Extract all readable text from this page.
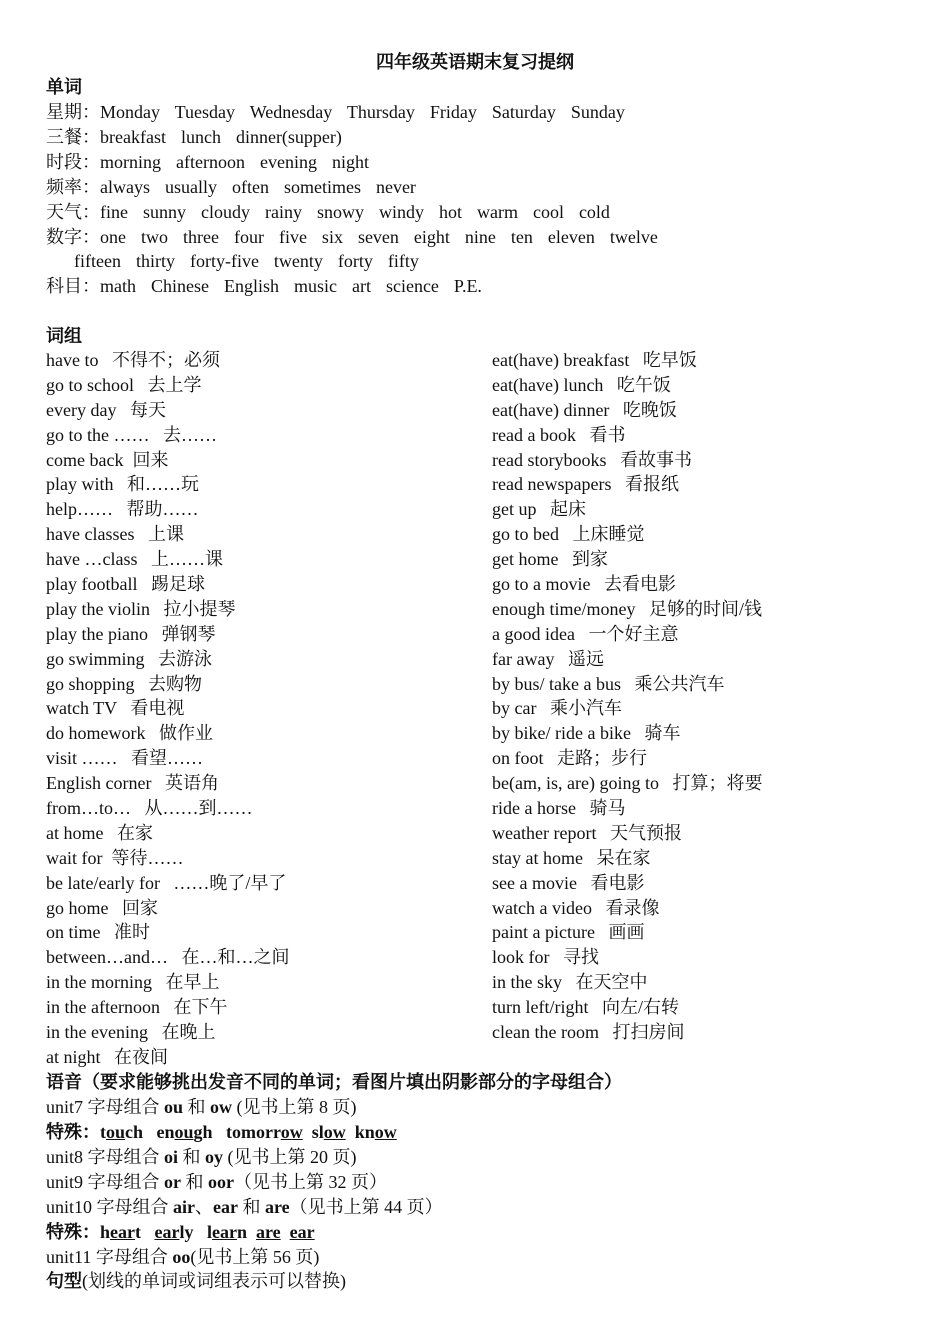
四年级英语期末复习提纲
单词
星期：Monday  Tuesday  Wednesday  Thursday  Friday  Saturday  Sunday
三餐：breakfast  lunch  dinner(supper)
时段：morning  afternoon  evening  night
频率：always  usually  often  sometimes  never
天气：fine  sunny  cloudy  rainy  snowy  windy  hot  warm  cool  cold
数字：one  two  three  four  five  six  seven  eight  nine  ten  eleven  twelve
fifteen  thirty  forty-five  twenty  forty  fifty
科目：math  Chinese  English  music  art  science  P.E.
词组
have to   不得不；必须
go to school   去上学
every day   每天
go to the ……   去……
come back  回来
play with   和……玩
help……   帮助……
have classes   上课
have …class   上……课
play football   踢足球
play the violin   拉小提琴
play the piano   弹钢琴
go swimming   去游泳
go shopping   去购物
watch TV   看电视
do homework   做作业
visit ……   看望……
English corner   英语角
from…to…   从……到……
at home   在家
wait for  等待……
be late/early for   ……晚了/早了
go home   回家
on time   准时
between…and…   在…和…之间
in the morning   在早上
in the afternoon   在下午
in the evening   在晚上
at night   在夜间
eat(have) breakfast   吃早饭
eat(have) lunch   吃午饭
eat(have) dinner   吃晚饭
read a book   看书
read storybooks   看故事书
read newspapers   看报纸
get up   起床
go to bed   上床睡觉
get home   到家
go to a movie   去看电影
enough time/money   足够的时间/钱
a good idea   一个好主意
far away   遥远
by bus/ take a bus   乘公共汽车
by car   乘小汽车
by bike/ ride a bike   骑车
on foot   走路；步行
be(am, is, are) going to   打算；将要
ride a horse   骑马
weather report   天气预报
stay at home   呆在家
see a movie   看电影
watch a video   看录像
paint a picture   画画
look for   寻找
in the sky   在天空中
turn left/right   向左/右转
clean the room   打扫房间
语音（要求能够挑出发音不同的单词；看图片填出阴影部分的字母组合）
unit7 字母组合 ou 和 ow (见书上第 8 页)
特殊：touch enough tomorrow slow know
unit8 字母组合 oi 和 oy (见书上第 20 页)
unit9 字母组合 or 和 oor（见书上第 32 页）
unit10 字母组合 air、ear 和 are（见书上第 44 页）
特殊：heart early learn are ear
unit11 字母组合 oo(见书上第 56 页)
句型(划线的单词或词组表示可以替换)
